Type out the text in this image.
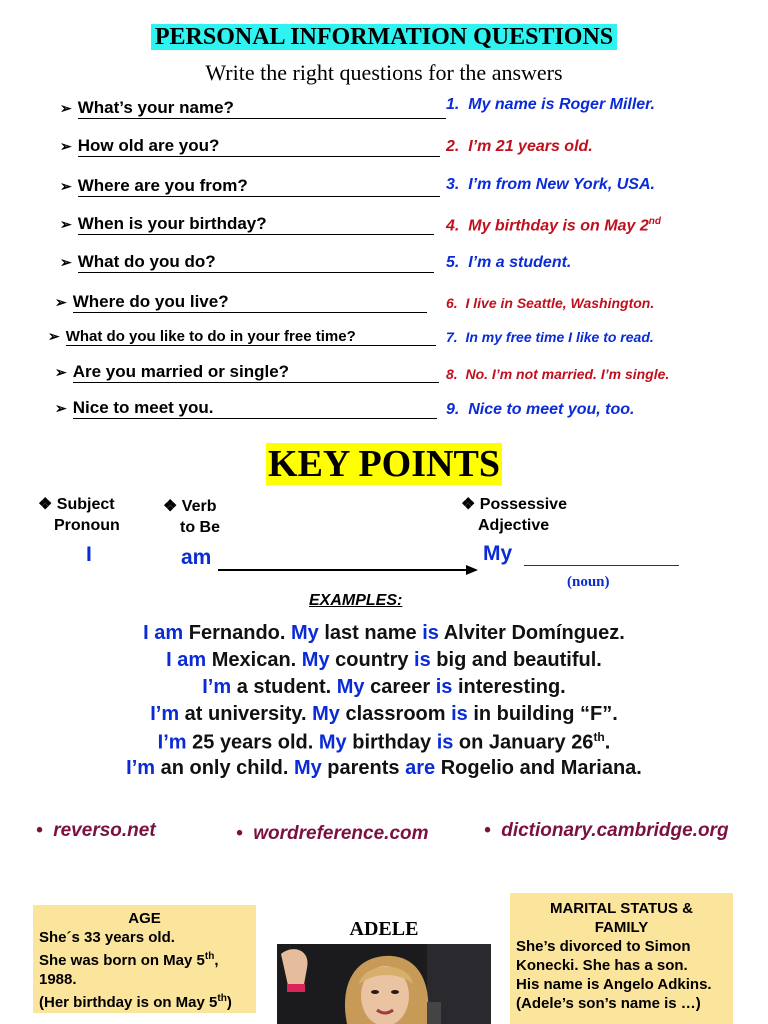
PERSONAL INFORMATION QUESTIONS
Write the right questions for the answers
➢ What’s your name?	1. My name is Roger Miller.
➢ How old are you?	2. I’m 21 years old.
➢ Where are you from?	3. I’m from New York, USA.
➢ When is your birthday?	4. My birthday is on May 2nd
➢ What do you do?	5. I’m a student.
➢ Where do you live?	6. I live in Seattle, Washington.
➢ What do you like to do in your free time?	7. In my free time I like to read.
➢ Are you married or single?	8. No. I’m not married. I’m single.
➢ Nice to meet you.	9. Nice to meet you, too.
KEY POINTS
❖ Subject
Pronoun
❖ Verb
to Be
❖ Possessive
Adjective
I	am	My
(noun)
EXAMPLES:
I am Fernando. My last name is Alviter Domínguez.
I am Mexican. My country is big and beautiful.
I’m a student. My career is interesting.
I’m at university. My classroom is in building “F”.
I’m 25 years old. My birthday is on January 26th.
I’m an only child. My parents are Rogelio and Mariana.
•  reverso.net	•  wordreference.com	•  dictionary.cambridge.org
AGE
She´s 33 years old.
She was born on May 5th,
1988.
(Her birthday is on May 5th)
ADELE
MARITAL STATUS &
FAMILY
She’s divorced to Simon
Konecki. She has a son.
His name is Angelo Adkins.
(Adele’s son’s name is …)
